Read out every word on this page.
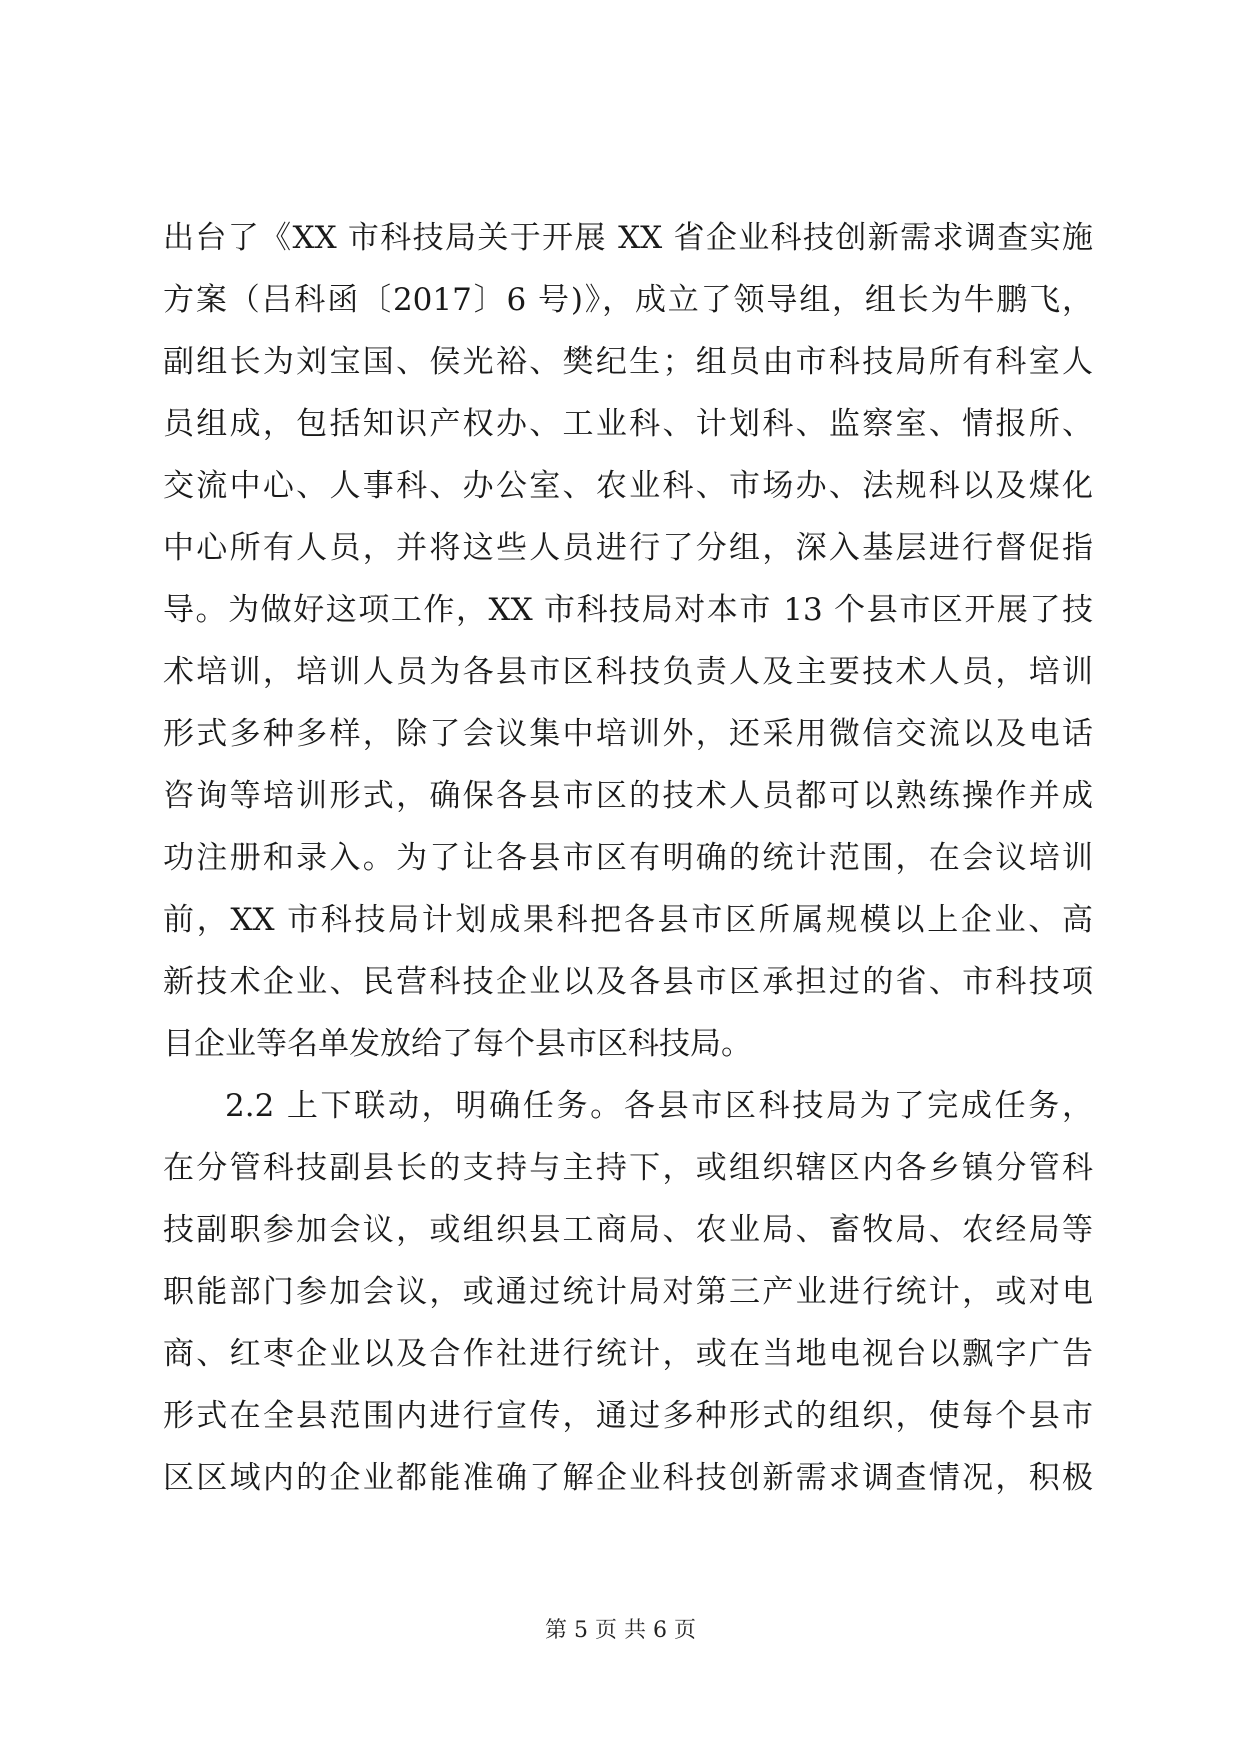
出台了《XX 市科技局关于开展 XX 省企业科技创新需求调查实施
方案（吕科函〔2017〕6 号)》，成立了领导组，组长为牛鹏飞，
副组长为刘宝国、侯光裕、樊纪生；组员由市科技局所有科室人
员组成，包括知识产权办、工业科、计划科、监察室、情报所、
交流中心、人事科、办公室、农业科、市场办、法规科以及煤化
中心所有人员，并将这些人员进行了分组，深入基层进行督促指
导。为做好这项工作，XX 市科技局对本市 13 个县市区开展了技
术培训，培训人员为各县市区科技负责人及主要技术人员，培训
形式多种多样，除了会议集中培训外，还采用微信交流以及电话
咨询等培训形式，确保各县市区的技术人员都可以熟练操作并成
功注册和录入。为了让各县市区有明确的统计范围，在会议培训
前，XX 市科技局计划成果科把各县市区所属规模以上企业、高
新技术企业、民营科技企业以及各县市区承担过的省、市科技项
目企业等名单发放给了每个县市区科技局。
2.2 上下联动，明确任务。各县市区科技局为了完成任务，
在分管科技副县长的支持与主持下，或组织辖区内各乡镇分管科
技副职参加会议，或组织县工商局、农业局、畜牧局、农经局等
职能部门参加会议，或通过统计局对第三产业进行统计，或对电
商、红枣企业以及合作社进行统计，或在当地电视台以飘字广告
形式在全县范围内进行宣传，通过多种形式的组织，使每个县市
区区域内的企业都能准确了解企业科技创新需求调查情况，积极
第 5 页 共 6 页
